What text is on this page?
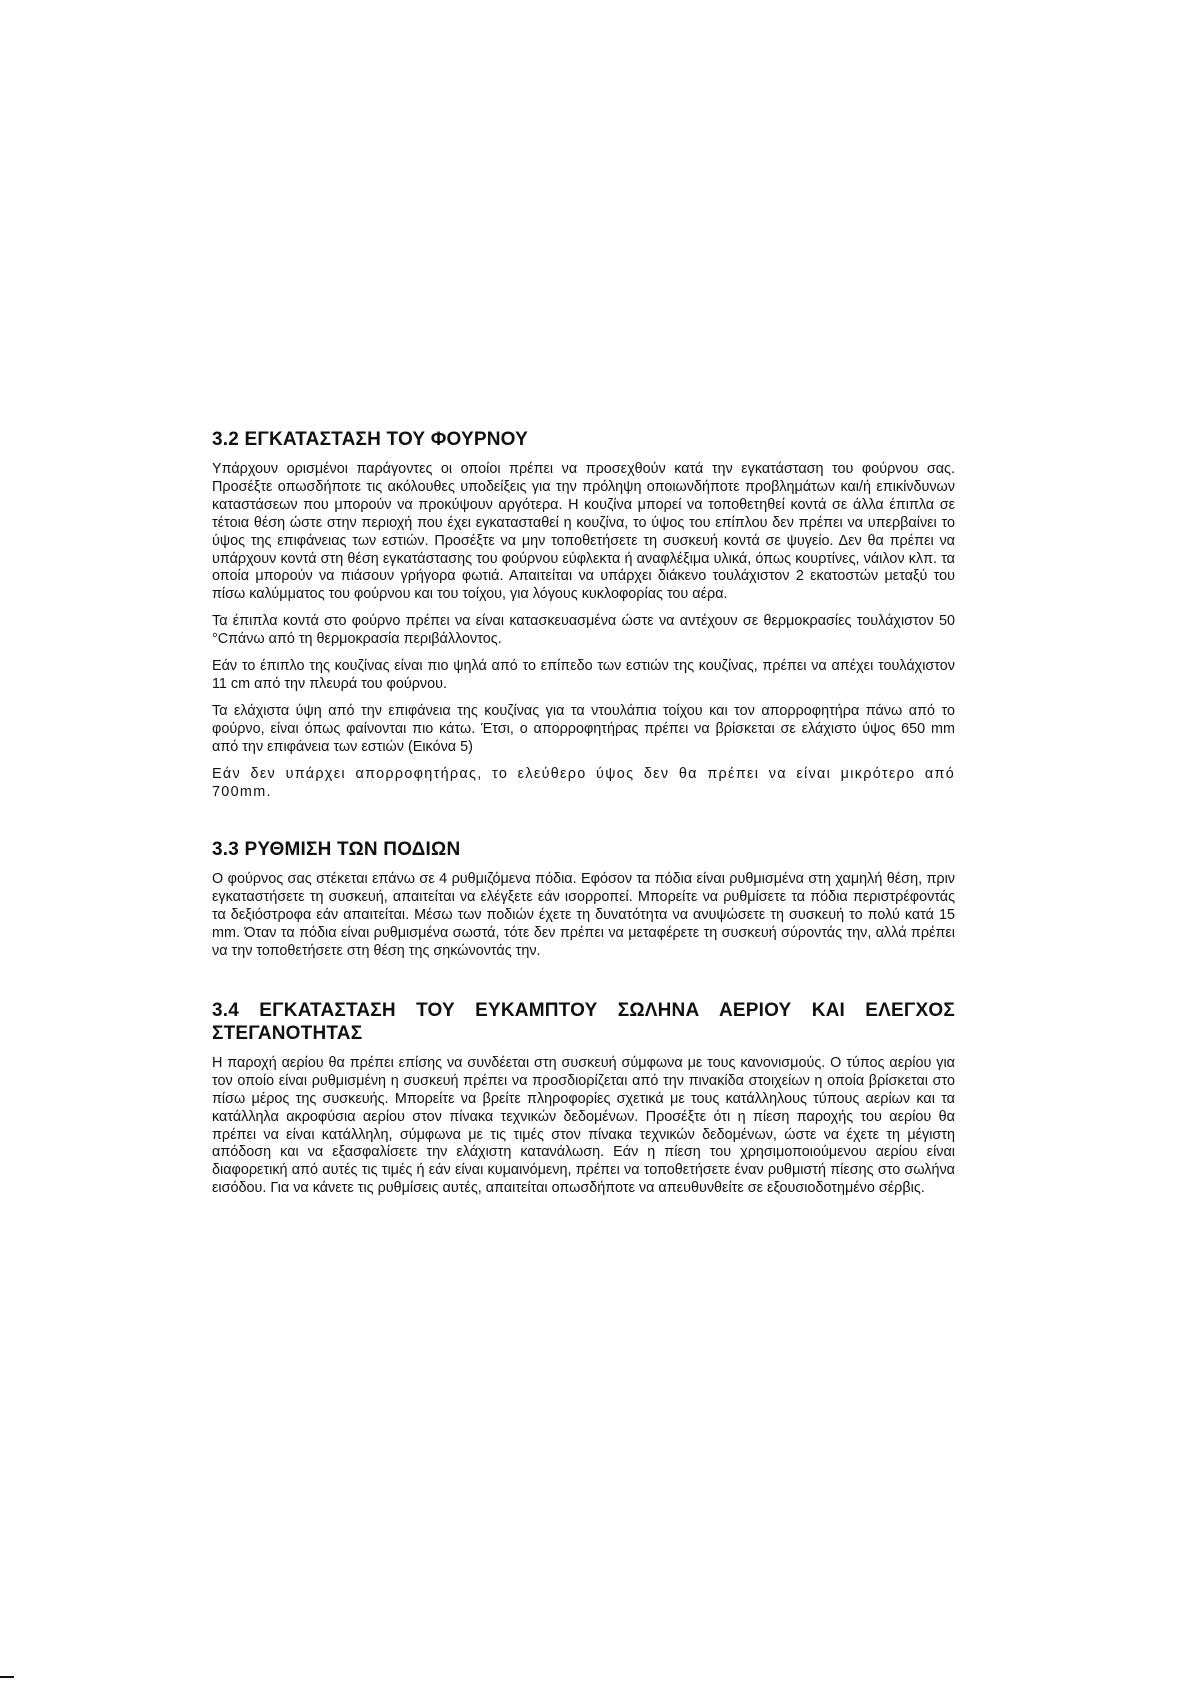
3.2 ΕΓΚΑΤΑΣΤΑΣΗ ΤΟΥ ΦΟΥΡΝΟΥ

Υπάρχουν ορισμένοι παράγοντες οι οποίοι πρέπει να προσεχθούν κατά την εγκατάσταση του φούρνου σας. Προσέξτε οπωσδήποτε τις ακόλουθες υποδείξεις για την πρόληψη οποιωνδήποτε προβλημάτων και/ή επικίνδυνων καταστάσεων που μπορούν να προκύψουν αργότερα. Η κουζίνα μπορεί να τοποθετηθεί κοντά σε άλλα έπιπλα σε τέτοια θέση ώστε στην περιοχή που έχει εγκατασταθεί η κουζίνα, το ύψος του επίπλου δεν πρέπει να υπερβαίνει το ύψος της επιφάνειας των εστιών. Προσέξτε να μην τοποθετήσετε τη συσκευή κοντά σε ψυγείο. Δεν θα πρέπει να υπάρχουν κοντά στη θέση εγκατάστασης του φούρνου εύφλεκτα ή αναφλέξιμα υλικά, όπως κουρτίνες, νάιλον κλπ. τα οποία μπορούν να πιάσουν γρήγορα φωτιά. Απαιτείται να υπάρχει διάκενο τουλάχιστον 2 εκατοστών μεταξύ του πίσω καλύμματος του φούρνου και του τοίχου, για λόγους κυκλοφορίας του αέρα.

Τα έπιπλα κοντά στο φούρνο πρέπει να είναι κατασκευασμένα ώστε να αντέχουν σε θερμοκρασίες τουλάχιστον 50 °Cπάνω από τη θερμοκρασία περιβάλλοντος.

Εάν το έπιπλο της κουζίνας είναι πιο ψηλά από το επίπεδο των εστιών της κουζίνας, πρέπει να απέχει τουλάχιστον 11 cm από την πλευρά του φούρνου.

Τα ελάχιστα ύψη από την επιφάνεια της κουζίνας για τα ντουλάπια τοίχου και τον απορροφητήρα πάνω από το φούρνο, είναι όπως φαίνονται πιο κάτω. Έτσι, ο απορροφητήρας πρέπει να βρίσκεται σε ελάχιστο ύψος 650 mm από την επιφάνεια των εστιών (Εικόνα 5)

Εάν δεν υπάρχει απορροφητήρας, το ελεύθερο ύψος δεν θα πρέπει να είναι μικρότερο από 700mm.

3.3 ΡΥΘΜΙΣΗ ΤΩΝ ΠΟΔΙΩΝ

Ο φούρνος σας στέκεται επάνω σε 4 ρυθμιζόμενα πόδια. Εφόσον τα πόδια είναι ρυθμισμένα στη χαμηλή θέση, πριν εγκαταστήσετε τη συσκευή, απαιτείται να ελέγξετε εάν ισορροπεί. Μπορείτε να ρυθμίσετε τα πόδια περιστρέφοντάς τα δεξιόστροφα εάν απαιτείται. Μέσω των ποδιών έχετε τη δυνατότητα να ανυψώσετε τη συσκευή το πολύ κατά 15 mm. Όταν τα πόδια είναι ρυθμισμένα σωστά, τότε δεν πρέπει να μεταφέρετε τη συσκευή σύροντάς την, αλλά πρέπει να την τοποθετήσετε στη θέση της σηκώνοντάς την.

3.4 ΕΓΚΑΤΑΣΤΑΣΗ ΤΟΥ ΕΥΚΑΜΠΤΟΥ ΣΩΛΗΝΑ ΑΕΡΙΟΥ ΚΑΙ ΕΛΕΓΧΟΣ
ΣΤΕΓΑΝΟΤΗΤΑΣ

Η παροχή αερίου θα πρέπει επίσης να συνδέεται στη συσκευή σύμφωνα με τους κανονισμούς. Ο τύπος αερίου για τον οποίο είναι ρυθμισμένη η συσκευή πρέπει να προσδιορίζεται από την πινακίδα στοιχείων η οποία βρίσκεται στο πίσω μέρος της συσκευής. Μπορείτε να βρείτε πληροφορίες σχετικά με τους κατάλληλους τύπους αερίων και τα κατάλληλα ακροφύσια αερίου στον πίνακα τεχνικών δεδομένων. Προσέξτε ότι η πίεση παροχής του αερίου θα πρέπει να είναι κατάλληλη, σύμφωνα με τις τιμές στον πίνακα τεχνικών δεδομένων, ώστε να έχετε τη μέγιστη απόδοση και να εξασφαλίσετε την ελάχιστη κατανάλωση. Εάν η πίεση του χρησιμοποιούμενου αερίου είναι διαφορετική από αυτές τις τιμές ή εάν είναι κυμαινόμενη, πρέπει να τοποθετήσετε έναν ρυθμιστή πίεσης στο σωλήνα εισόδου. Για να κάνετε τις ρυθμίσεις αυτές, απαιτείται οπωσδήποτε να απευθυνθείτε σε εξουσιοδοτημένο σέρβις.
